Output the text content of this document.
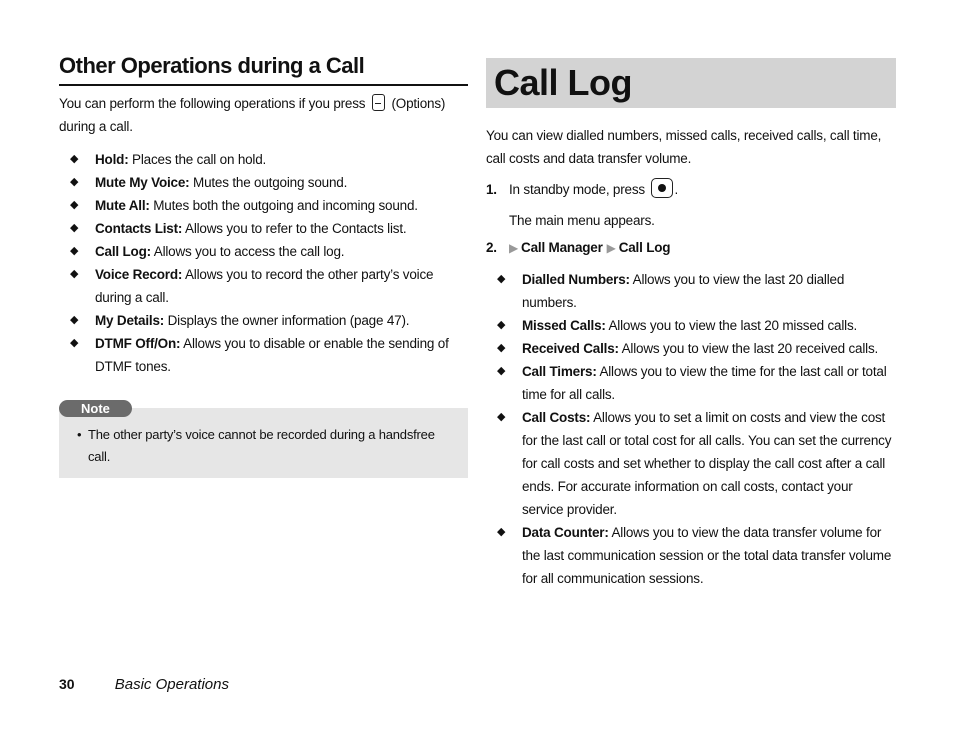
Other Operations during a Call
You can perform the following operations if you press (Options) during a call.
◆ Hold: Places the call on hold.
◆ Mute My Voice: Mutes the outgoing sound.
◆ Mute All: Mutes both the outgoing and incoming sound.
◆ Contacts List: Allows you to refer to the Contacts list.
◆ Call Log: Allows you to access the call log.
◆ Voice Record: Allows you to record the other party’s voice during a call.
◆ My Details: Displays the owner information (page 47).
◆ DTMF Off/On: Allows you to disable or enable the sending of DTMF tones.
Note
• The other party’s voice cannot be recorded during a handsfree call.
Call Log
You can view dialled numbers, missed calls, received calls, call time, call costs and data transfer volume.
1. In standby mode, press .
The main menu appears.
2. ▶ Call Manager ▶ Call Log
◆ Dialled Numbers: Allows you to view the last 20 dialled numbers.
◆ Missed Calls: Allows you to view the last 20 missed calls.
◆ Received Calls: Allows you to view the last 20 received calls.
◆ Call Timers: Allows you to view the time for the last call or total time for all calls.
◆ Call Costs: Allows you to set a limit on costs and view the cost for the last call or total cost for all calls. You can set the currency for call costs and set whether to display the call cost after a call ends. For accurate information on call costs, contact your service provider.
◆ Data Counter: Allows you to view the data transfer volume for the last communication session or the total data transfer volume for all communication sessions.
30	Basic Operations
